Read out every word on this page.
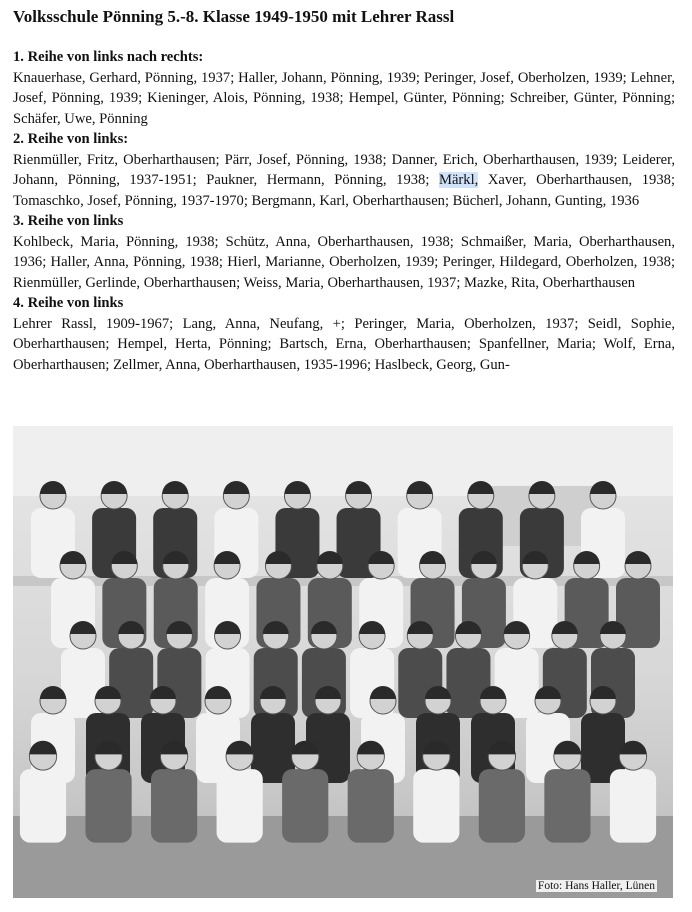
Volksschule Pönning 5.-8. Klasse 1949-1950 mit Lehrer Rassl

1. Reihe von links nach rechts:

Knauerhase, Gerhard, Pönning, 1937; Haller, Johann, Pönning, 1939; Peringer, Josef, Oberholzen, 1939; Lehner, Josef, Pönning, 1939; Kieninger, Alois, Pönning, 1938; Hempel, Günter, Pönning; Schreiber, Günter, Pönning; Schäfer, Uwe, Pönning

2. Reihe von links:

Rienmüller, Fritz, Oberharthausen; Pärr, Josef, Pönning, 1938; Danner, Erich, Oberharthausen, 1939; Leiderer, Johann, Pönning, 1937-1951; Paukner, Hermann, Pönning, 1938; Märkl, Xaver, Oberharthausen, 1938; Tomaschko, Josef, Pönning, 1937-1970; Bergmann, Karl, Oberharthausen; Bücherl, Johann, Gunting, 1936

3. Reihe von links

Kohlbeck, Maria, Pönning, 1938; Schütz, Anna, Oberharthausen, 1938; Schmaißer, Maria, Oberharthausen, 1936; Haller, Anna, Pönning, 1938; Hierl, Marianne, Oberholzen, 1939; Peringer, Hildegard, Oberholzen, 1938; Rienmüller, Gerlinde, Oberharthausen; Weiss, Maria, Oberharthausen, 1937; Mazke, Rita, Oberharthausen

4. Reihe von links

Lehrer Rassl, 1909-1967; Lang, Anna, Neufang, +; Peringer, Maria, Oberholzen, 1937; Seidl, Sophie, Oberharthausen; Hempel, Herta, Pönning; Bartsch, Erna, Oberharthausen; Spanfellner, Maria; Wolf, Erna, Oberharthausen; Zellmer, Anna, Oberharthausen, 1935-1996; Haslbeck, Georg, Gun-

Foto: Hans Haller, Lünen
